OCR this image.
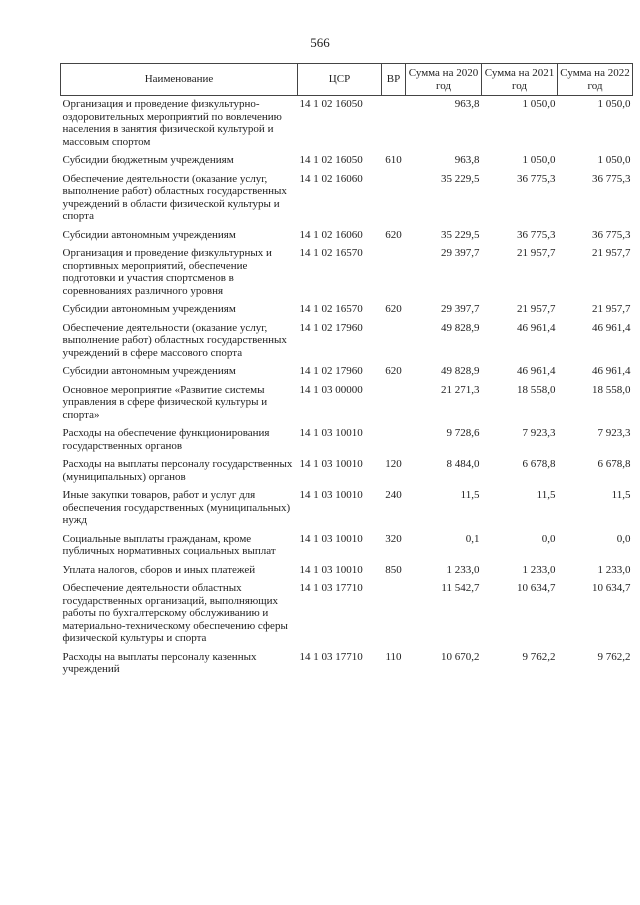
566
Наименование	ЦСР	ВР	Сумма на 2020 год	Сумма на 2021 год	Сумма на 2022 год
Организация и проведение физкультурно-оздоровительных мероприятий по вовлечению населения в занятия физической культурой и массовым спортом	14 1 02 16050		963,8	1 050,0	1 050,0
Субсидии бюджетным учреждениям	14 1 02 16050	610	963,8	1 050,0	1 050,0
Обеспечение деятельности (оказание услуг, выполнение работ) областных государственных учреждений в области физической культуры и спорта	14 1 02 16060		35 229,5	36 775,3	36 775,3
Субсидии автономным учреждениям	14 1 02 16060	620	35 229,5	36 775,3	36 775,3
Организация и проведение физкультурных и спортивных мероприятий, обеспечение подготовки и участия спортсменов в соревнованиях различного уровня	14 1 02 16570		29 397,7	21 957,7	21 957,7
Субсидии автономным учреждениям	14 1 02 16570	620	29 397,7	21 957,7	21 957,7
Обеспечение деятельности (оказание услуг, выполнение работ) областных государственных учреждений в сфере массового спорта	14 1 02 17960		49 828,9	46 961,4	46 961,4
Субсидии автономным учреждениям	14 1 02 17960	620	49 828,9	46 961,4	46 961,4
Основное мероприятие «Развитие системы управления в сфере физической культуры и спорта»	14 1 03 00000		21 271,3	18 558,0	18 558,0
Расходы на обеспечение функционирования государственных органов	14 1 03 10010		9 728,6	7 923,3	7 923,3
Расходы на выплаты персоналу государственных (муниципальных) органов	14 1 03 10010	120	8 484,0	6 678,8	6 678,8
Иные закупки товаров, работ и услуг для обеспечения государственных (муниципальных) нужд	14 1 03 10010	240	11,5	11,5	11,5
Социальные выплаты гражданам, кроме публичных нормативных социальных выплат	14 1 03 10010	320	0,1	0,0	0,0
Уплата налогов, сборов и иных платежей	14 1 03 10010	850	1 233,0	1 233,0	1 233,0
Обеспечение деятельности областных государственных организаций, выполняющих работы по бухгалтерскому обслуживанию и материально-техническому обеспечению сферы физической культуры и спорта	14 1 03 17710		11 542,7	10 634,7	10 634,7
Расходы на выплаты персоналу казенных учреждений	14 1 03 17710	110	10 670,2	9 762,2	9 762,2
